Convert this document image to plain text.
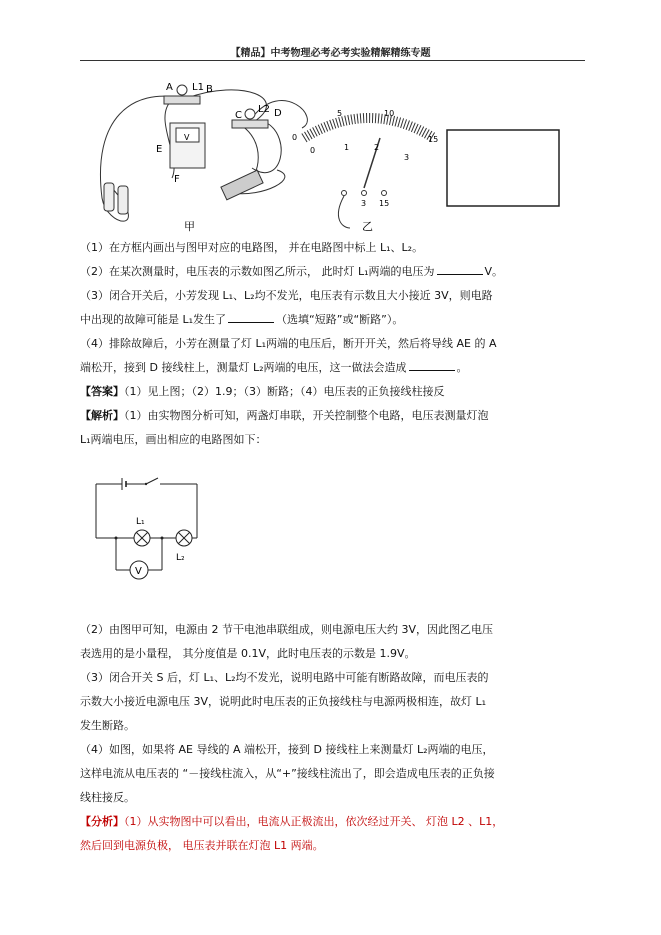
【精品】中考物理必考必考实验精解精练专题
A L1 B
C
L2 D
E
F
V
甲
0
5	10
15
0	1	2
3
3 15
乙
（1）在方框内画出与图甲对应的电路图， 并在电路图中标上 L₁、L₂。
（2）在某次测量时，电压表的示数如图乙所示， 此时灯 L₁两端的电压为	V。
（3）闭合开关后，小芳发现 L₁、L₂均不发光，电压表有示数且大小接近 3V，则电路
中出现的故障可能是 L₁发生了	（选填“短路”或“断路”）。
（4）排除故障后，小芳在测量了灯 L₁两端的电压后，断开开关，然后将导线 AE 的 A
端松开，接到 D 接线柱上，测量灯 L₂两端的电压，这一做法会造成	。
【答案】（1）见上图；（2）1.9；（3）断路；（4）电压表的正负接线柱接反
【解析】（1）由实物图分析可知，两盏灯串联，开关控制整个电路，电压表测量灯泡
L₁两端电压，画出相应的电路图如下：
V
L₁
L₂
（2）由图甲可知，电源由 2 节干电池串联组成，则电源电压大约 3V，因此图乙电压
表选用的是小量程， 其分度值是 0.1V，此时电压表的示数是 1.9V。
（3）闭合开关 S 后，灯 L₁、L₂均不发光，说明电路中可能有断路故障，而电压表的
示数大小接近电源电压 3V，说明此时电压表的正负接线柱与电源两极相连，故灯 L₁
发生断路。
（4）如图，如果将 AE 导线的 A 端松开，接到 D 接线柱上来测量灯 L₂两端的电压，
这样电流从电压表的 “－接线柱流入，从“+”接线柱流出了，即会造成电压表的正负接
线柱接反。
【分析】（1）从实物图中可以看出，电流从正极流出，依次经过开关、 灯泡 L2 、L1，
然后回到电源负极， 电压表并联在灯泡 L1 两端。
